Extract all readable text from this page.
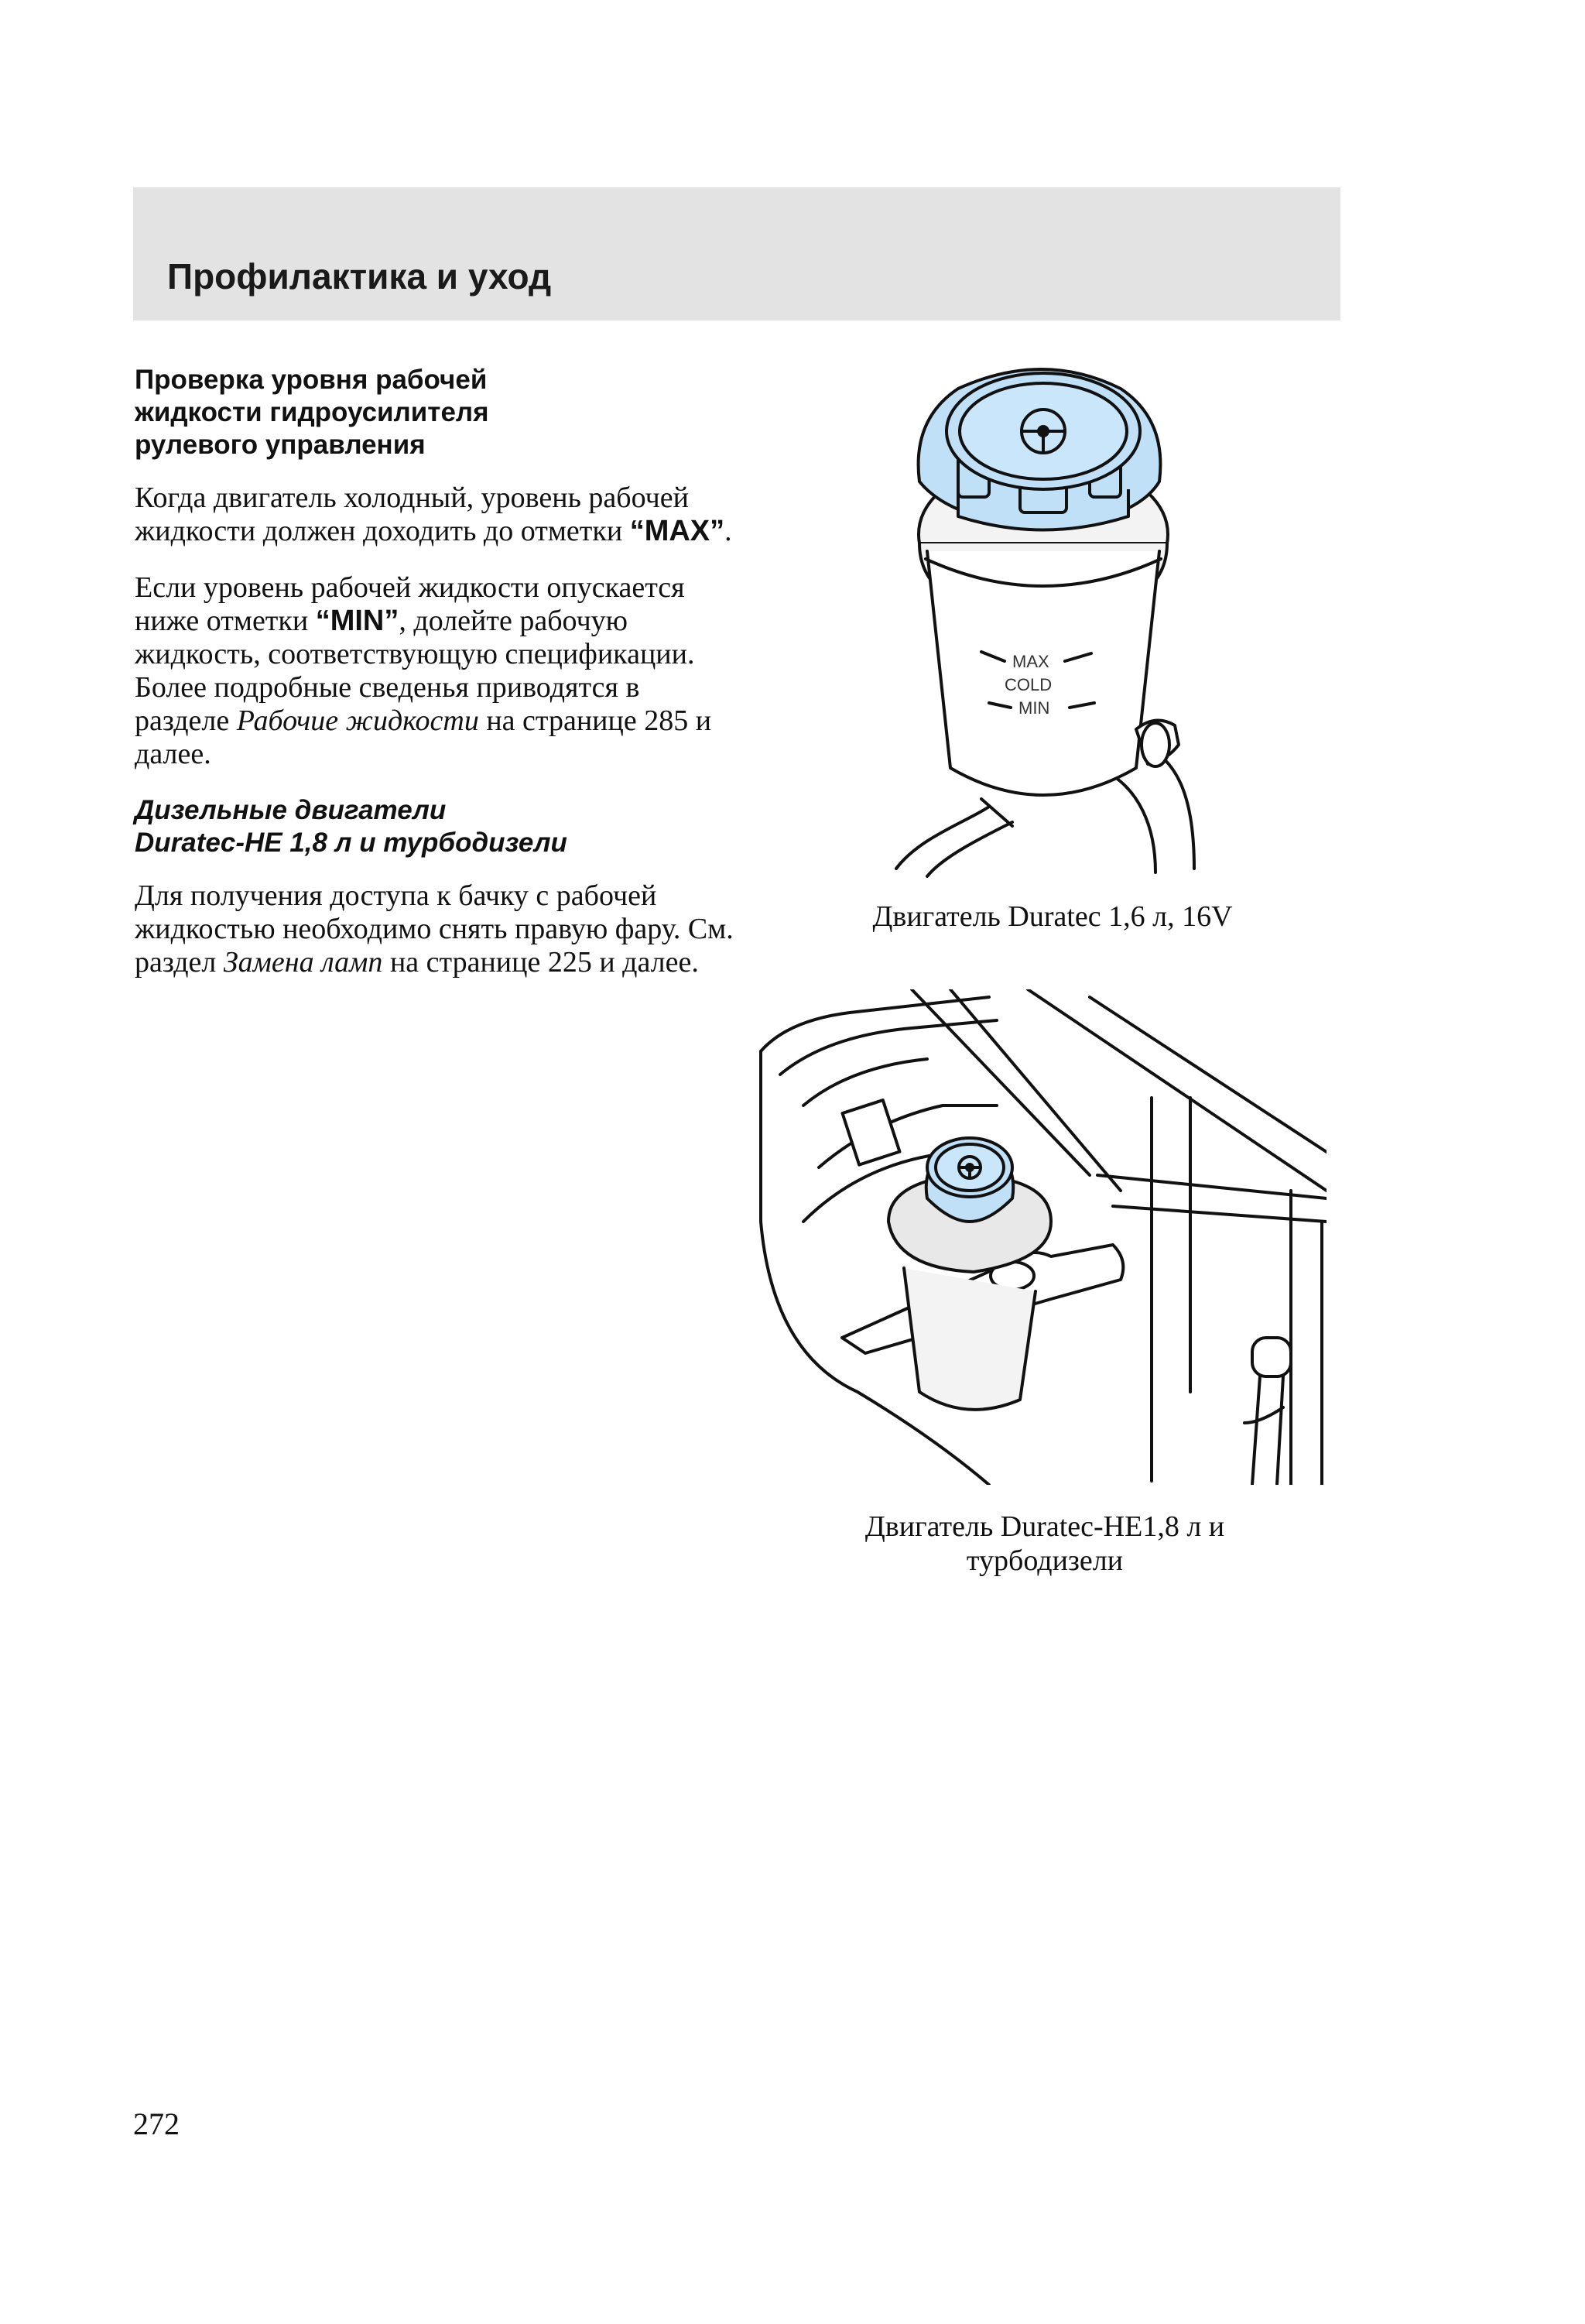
Профилактика и уход
Проверка уровня рабочей
жидкости гидроусилителя
рулевого управления

Когда двигатель холодный, уровень рабочей жидкости должен доходить до отметки “MAX”.

Если уровень рабочей жидкости опускается ниже отметки “MIN”, долейте рабочую жидкость, соответствующую спецификации. Более подробные сведенья приводятся в разделе Рабочие жидкости на странице 285 и далее.

Дизельные двигатели
Duratec-HE 1,8 л и турбодизели

Для получения доступа к бачку с рабочей жидкостью необходимо снять правую фару. См. раздел Замена ламп на странице 225 и далее.

MAX
COLD
MIN
Двигатель Duratec 1,6 л, 16V
Двигатель Duratec-HE1,8 л и
турбодизели
272
